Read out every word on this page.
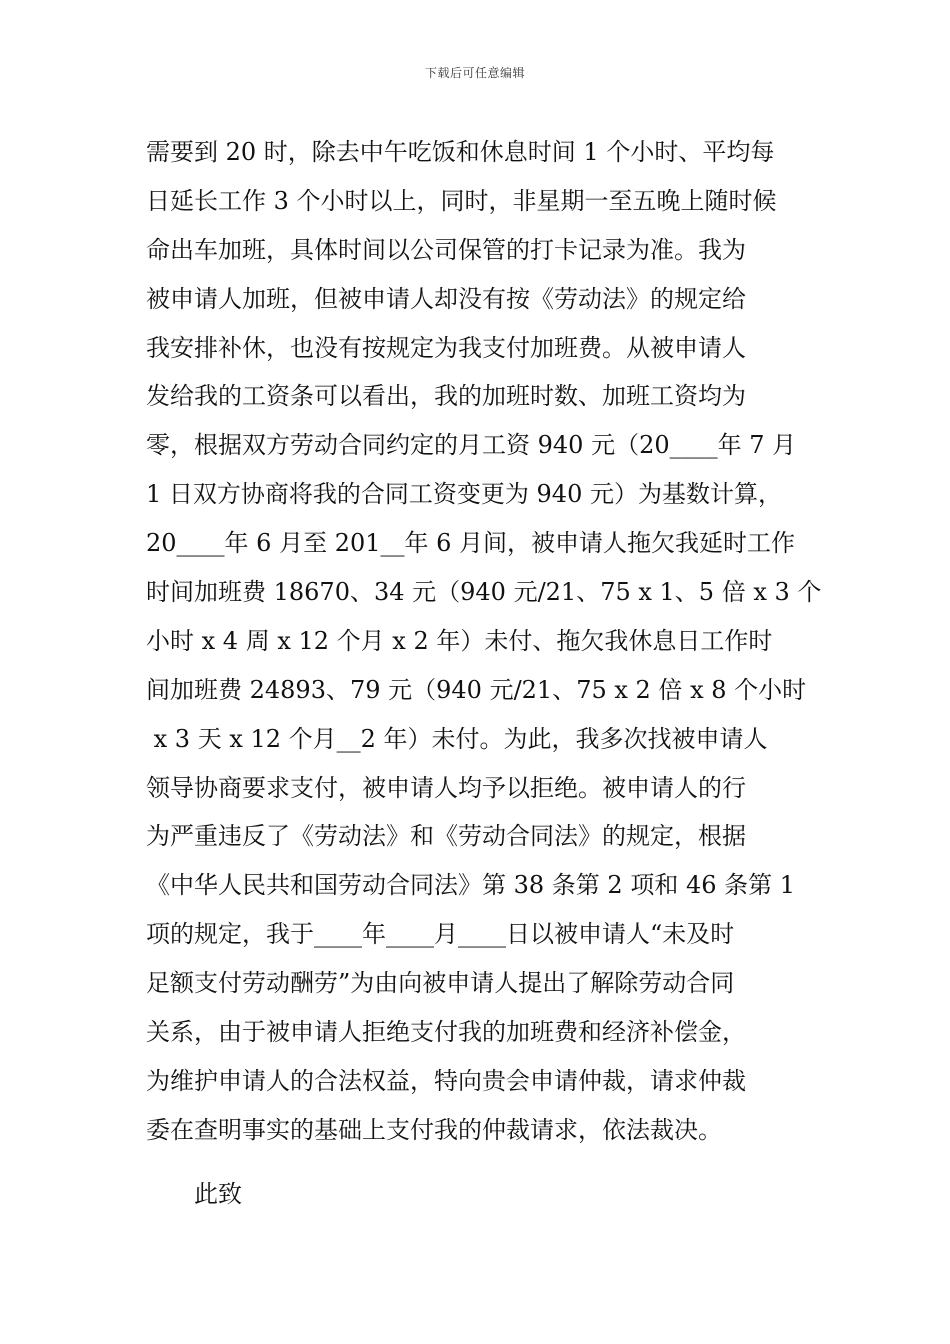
下载后可任意编辑
需要到 20 时，除去中午吃饭和休息时间 1 个小时、平均每
日延长工作 3 个小时以上，同时，非星期一至五晚上随时候
命出车加班，具体时间以公司保管的打卡记录为准。我为
被申请人加班，但被申请人却没有按《劳动法》的规定给
我安排补休，也没有按规定为我支付加班费。从被申请人
发给我的工资条可以看出，我的加班时数、加班工资均为
零，根据双方劳动合同约定的月工资 940 元（20____年 7 月
1 日双方协商将我的合同工资变更为 940 元）为基数计算，
20____年 6 月至 201__年 6 月间，被申请人拖欠我延时工作
时间加班费 18670、34 元（940 元/21、75 x 1、5 倍 x 3 个
小时 x 4 周 x 12 个月 x 2 年）未付、拖欠我休息日工作时
间加班费 24893、79 元（940 元/21、75 x 2 倍 x 8 个小时
x 3 天 x 12 个月__2 年）未付。为此，我多次找被申请人
领导协商要求支付，被申请人均予以拒绝。被申请人的行
为严重违反了《劳动法》和《劳动合同法》的规定，根据
《中华人民共和国劳动合同法》第 38 条第 2 项和 46 条第 1
项的规定，我于____年____月____日以被申请人“未及时
足额支付劳动酬劳”为由向被申请人提出了解除劳动合同
关系，由于被申请人拒绝支付我的加班费和经济补偿金，
为维护申请人的合法权益，特向贵会申请仲裁，请求仲裁
委在查明事实的基础上支付我的仲裁请求，依法裁决。
此致
